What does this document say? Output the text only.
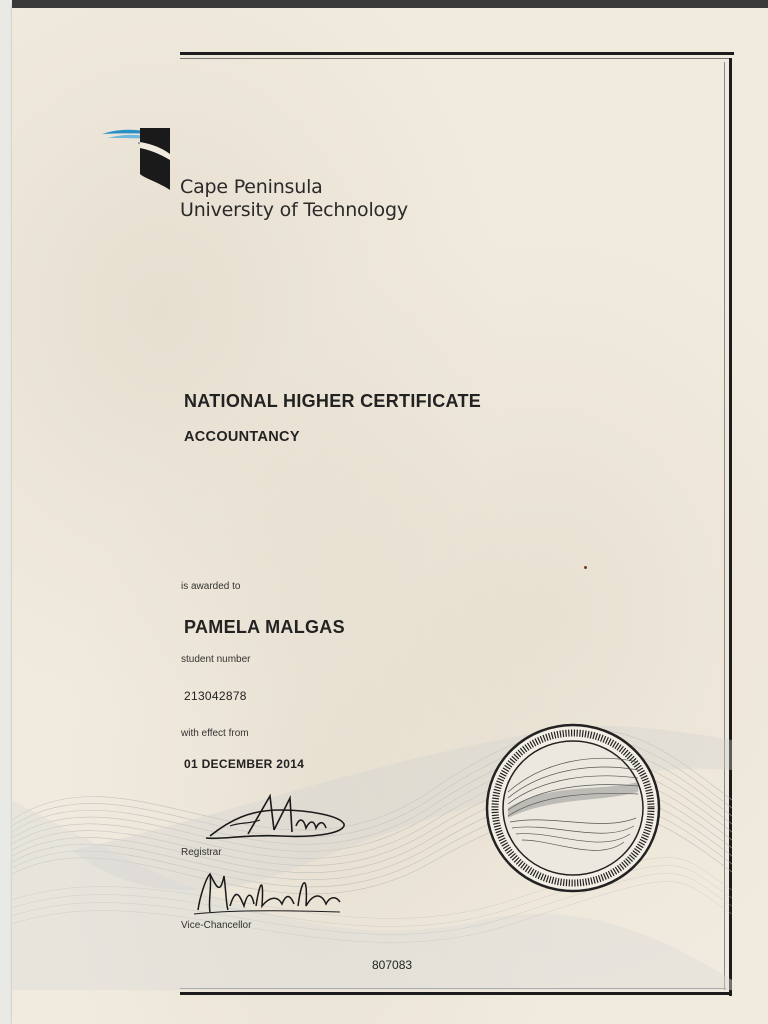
Cape Peninsula
University of Technology
NATIONAL HIGHER CERTIFICATE
ACCOUNTANCY
is awarded to
PAMELA MALGAS
student number
213042878
with effect from
01 DECEMBER 2014
Registrar
Vice-Chancellor
807083
